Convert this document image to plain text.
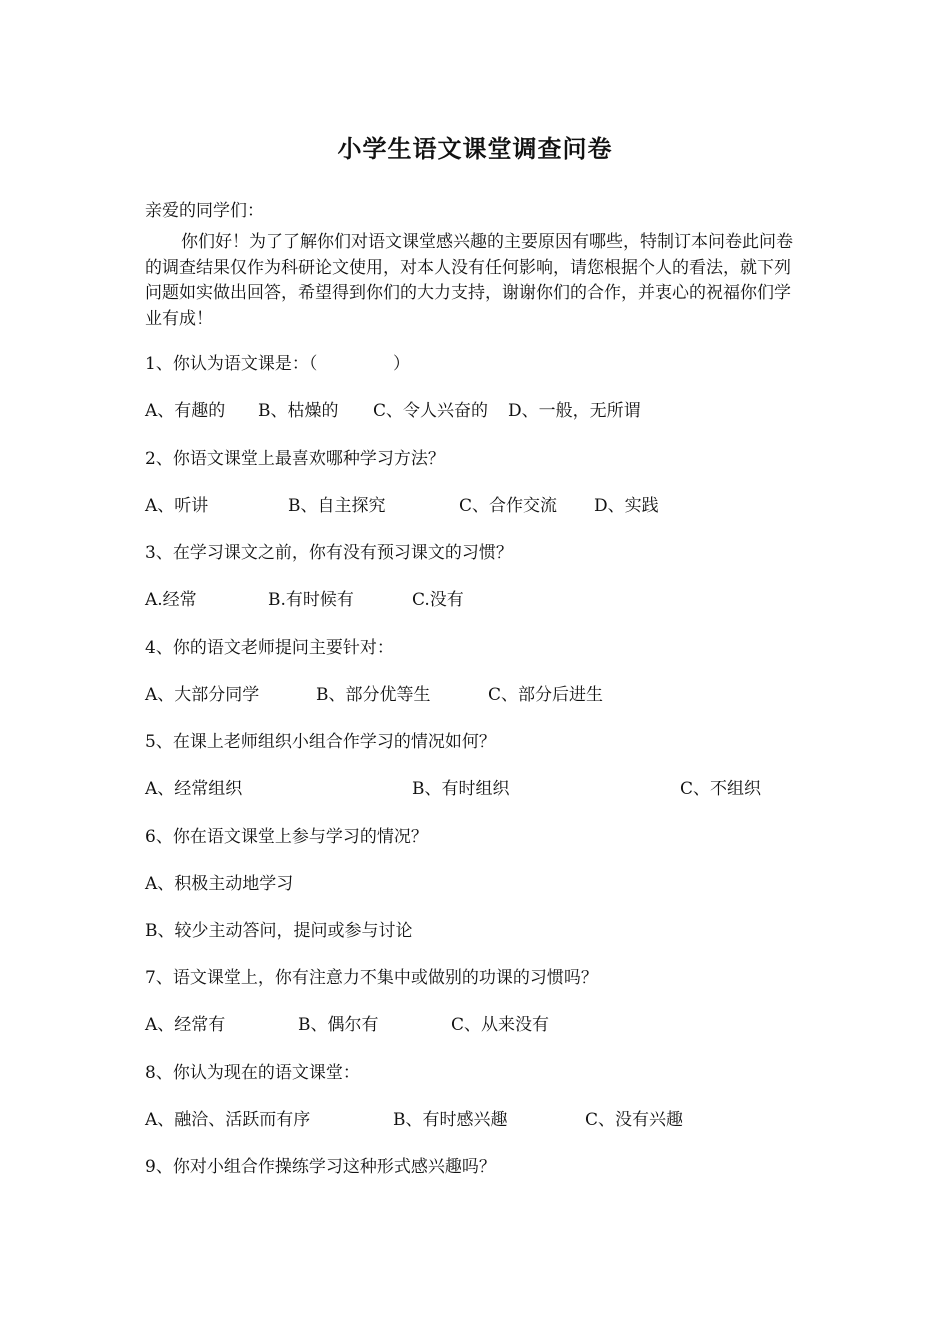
小学生语文课堂调查问卷
亲爱的同学们：
你们好！为了了解你们对语文课堂感兴趣的主要原因有哪些，特制订本问卷此问卷的调查结果仅作为科研论文使用，对本人没有任何影响，请您根据个人的看法，就下列问题如实做出回答，希望得到你们的大力支持，谢谢你们的合作，并衷心的祝福你们学业有成！
1、你认为语文课是：（              ）
A、有趣的 B、枯燥的 C、令人兴奋的 D、一般，无所谓
2、你语文课堂上最喜欢哪种学习方法？
A、听讲	B、自主探究	C、合作交流 D、实践
3、在学习课文之前，你有没有预习课文的习惯？
A.经常	B.有时候有	C.没有
4、你的语文老师提问主要针对：
A、大部分同学	B、部分优等生	C、部分后进生
5、在课上老师组织小组合作学习的情况如何？
A、经常组织	B、有时组织	C、不组织
6、你在语文课堂上参与学习的情况？
A、积极主动地学习
B、较少主动答问，提问或参与讨论
7、语文课堂上，你有注意力不集中或做别的功课的习惯吗？
A、经常有	B、偶尔有	C、从来没有
8、你认为现在的语文课堂：
A、融洽、活跃而有序	B、有时感兴趣	C、没有兴趣
9、你对小组合作操练学习这种形式感兴趣吗？
